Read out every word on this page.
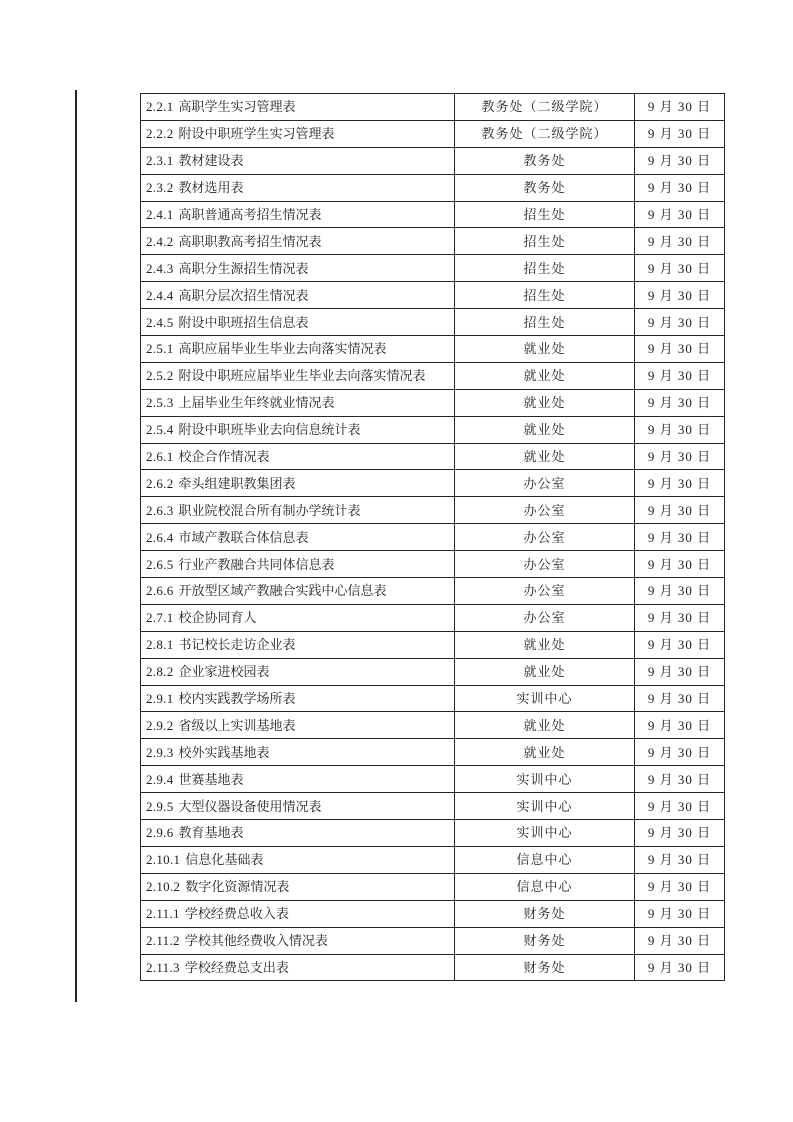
2.2.1 高职学生实习管理表	教务处（二级学院）	9 月 30 日
2.2.2 附设中职班学生实习管理表	教务处（二级学院）	9 月 30 日
2.3.1 教材建设表	教务处	9 月 30 日
2.3.2 教材选用表	教务处	9 月 30 日
2.4.1 高职普通高考招生情况表	招生处	9 月 30 日
2.4.2 高职职教高考招生情况表	招生处	9 月 30 日
2.4.3 高职分生源招生情况表	招生处	9 月 30 日
2.4.4 高职分层次招生情况表	招生处	9 月 30 日
2.4.5 附设中职班招生信息表	招生处	9 月 30 日
2.5.1 高职应届毕业生毕业去向落实情况表	就业处	9 月 30 日
2.5.2 附设中职班应届毕业生毕业去向落实情况表	就业处	9 月 30 日
2.5.3 上届毕业生年终就业情况表	就业处	9 月 30 日
2.5.4 附设中职班毕业去向信息统计表	就业处	9 月 30 日
2.6.1 校企合作情况表	就业处	9 月 30 日
2.6.2 牵头组建职教集团表	办公室	9 月 30 日
2.6.3 职业院校混合所有制办学统计表	办公室	9 月 30 日
2.6.4 市域产教联合体信息表	办公室	9 月 30 日
2.6.5 行业产教融合共同体信息表	办公室	9 月 30 日
2.6.6 开放型区域产教融合实践中心信息表	办公室	9 月 30 日
2.7.1 校企协同育人	办公室	9 月 30 日
2.8.1 书记校长走访企业表	就业处	9 月 30 日
2.8.2 企业家进校园表	就业处	9 月 30 日
2.9.1 校内实践教学场所表	实训中心	9 月 30 日
2.9.2 省级以上实训基地表	就业处	9 月 30 日
2.9.3 校外实践基地表	就业处	9 月 30 日
2.9.4 世赛基地表	实训中心	9 月 30 日
2.9.5 大型仪器设备使用情况表	实训中心	9 月 30 日
2.9.6 教育基地表	实训中心	9 月 30 日
2.10.1 信息化基础表	信息中心	9 月 30 日
2.10.2 数字化资源情况表	信息中心	9 月 30 日
2.11.1 学校经费总收入表	财务处	9 月 30 日
2.11.2 学校其他经费收入情况表	财务处	9 月 30 日
2.11.3 学校经费总支出表	财务处	9 月 30 日
